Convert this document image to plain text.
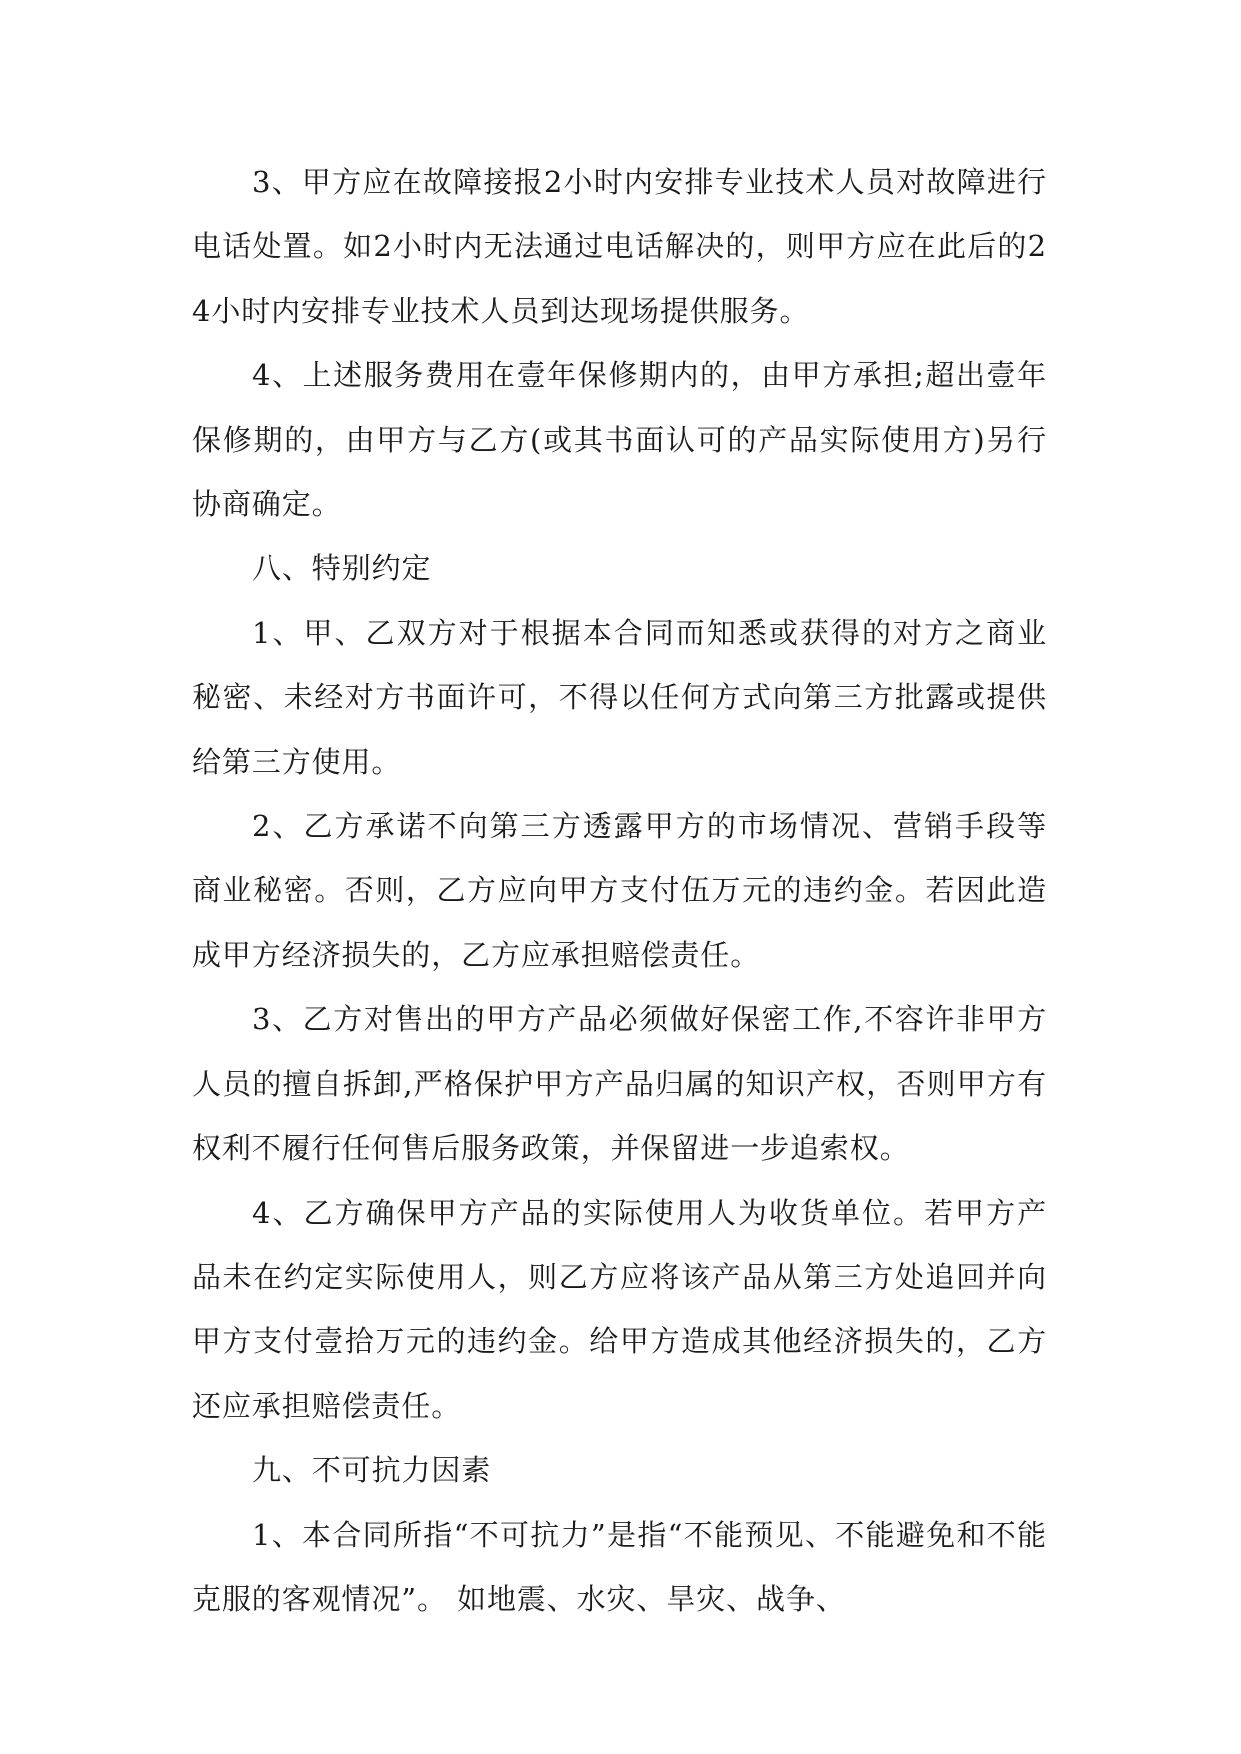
3、甲方应在故障接报2小时内安排专业技术人员对故障进行电话处置。如2小时内无法通过电话解决的，则甲方应在此后的24小时内安排专业技术人员到达现场提供服务。

4、上述服务费用在壹年保修期内的，由甲方承担;超出壹年保修期的，由甲方与乙方(或其书面认可的产品实际使用方)另行协商确定。

八、特别约定

1、甲、乙双方对于根据本合同而知悉或获得的对方之商业秘密、未经对方书面许可，不得以任何方式向第三方批露或提供给第三方使用。

2、乙方承诺不向第三方透露甲方的市场情况、营销手段等商业秘密。否则，乙方应向甲方支付伍万元的违约金。若因此造成甲方经济损失的，乙方应承担赔偿责任。

3、乙方对售出的甲方产品必须做好保密工作,不容许非甲方人员的擅自拆卸,严格保护甲方产品归属的知识产权，否则甲方有权利不履行任何售后服务政策，并保留进一步追索权。

4、乙方确保甲方产品的实际使用人为收货单位。若甲方产品未在约定实际使用人，则乙方应将该产品从第三方处追回并向甲方支付壹拾万元的违约金。给甲方造成其他经济损失的，乙方还应承担赔偿责任。

九、不可抗力因素

1、本合同所指“不可抗力”是指“不能预见、不能避免和不能克服的客观情况”。 如地震、水灾、旱灾、战争、
